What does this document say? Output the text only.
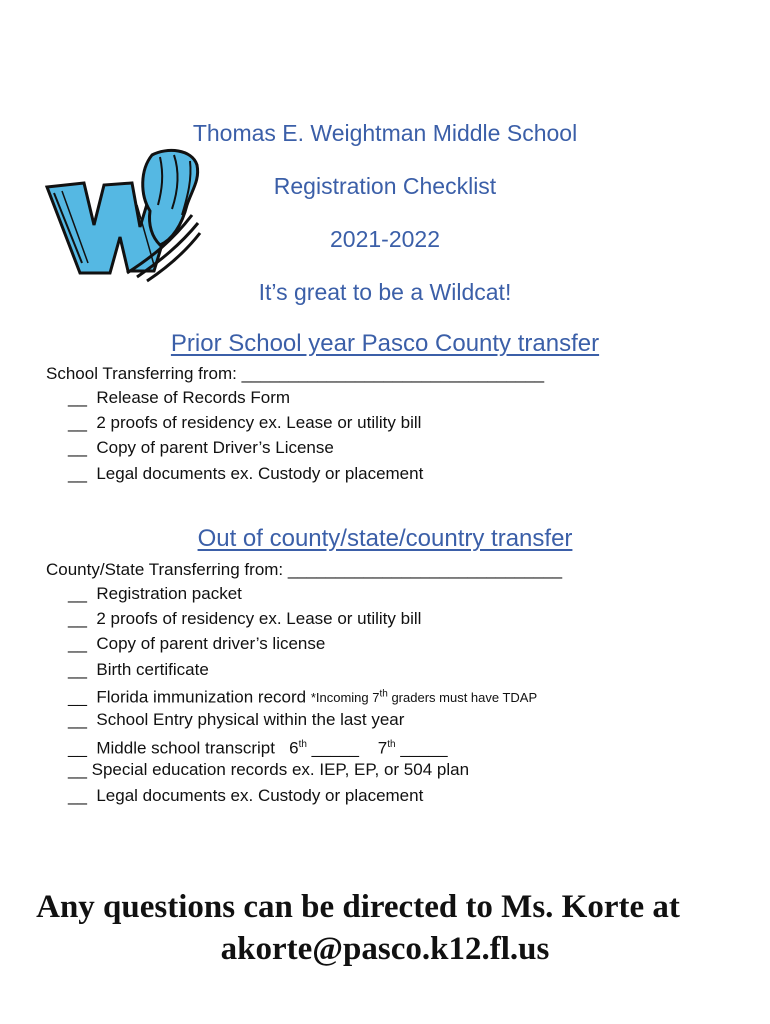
Thomas E. Weightman Middle School
Registration Checklist
2021-2022
It’s great to be a Wildcat!
Prior School year Pasco County transfer
School Transferring from: ________________________________
__  Release of Records Form
__  2 proofs of residency ex. Lease or utility bill
__  Copy of parent Driver’s License
__  Legal documents ex. Custody or placement
Out of county/state/country transfer
County/State Transferring from: _____________________________
__  Registration packet
__  2 proofs of residency ex. Lease or utility bill
__  Copy of parent driver’s license
__  Birth certificate
__  Florida immunization record *Incoming 7th graders must have TDAP
__  School Entry physical within the last year
__  Middle school transcript   6th _____    7th _____
__ Special education records ex. IEP, EP, or 504 plan
__  Legal documents ex. Custody or placement
Any questions can be directed to Ms. Korte at
akorte@pasco.k12.fl.us
